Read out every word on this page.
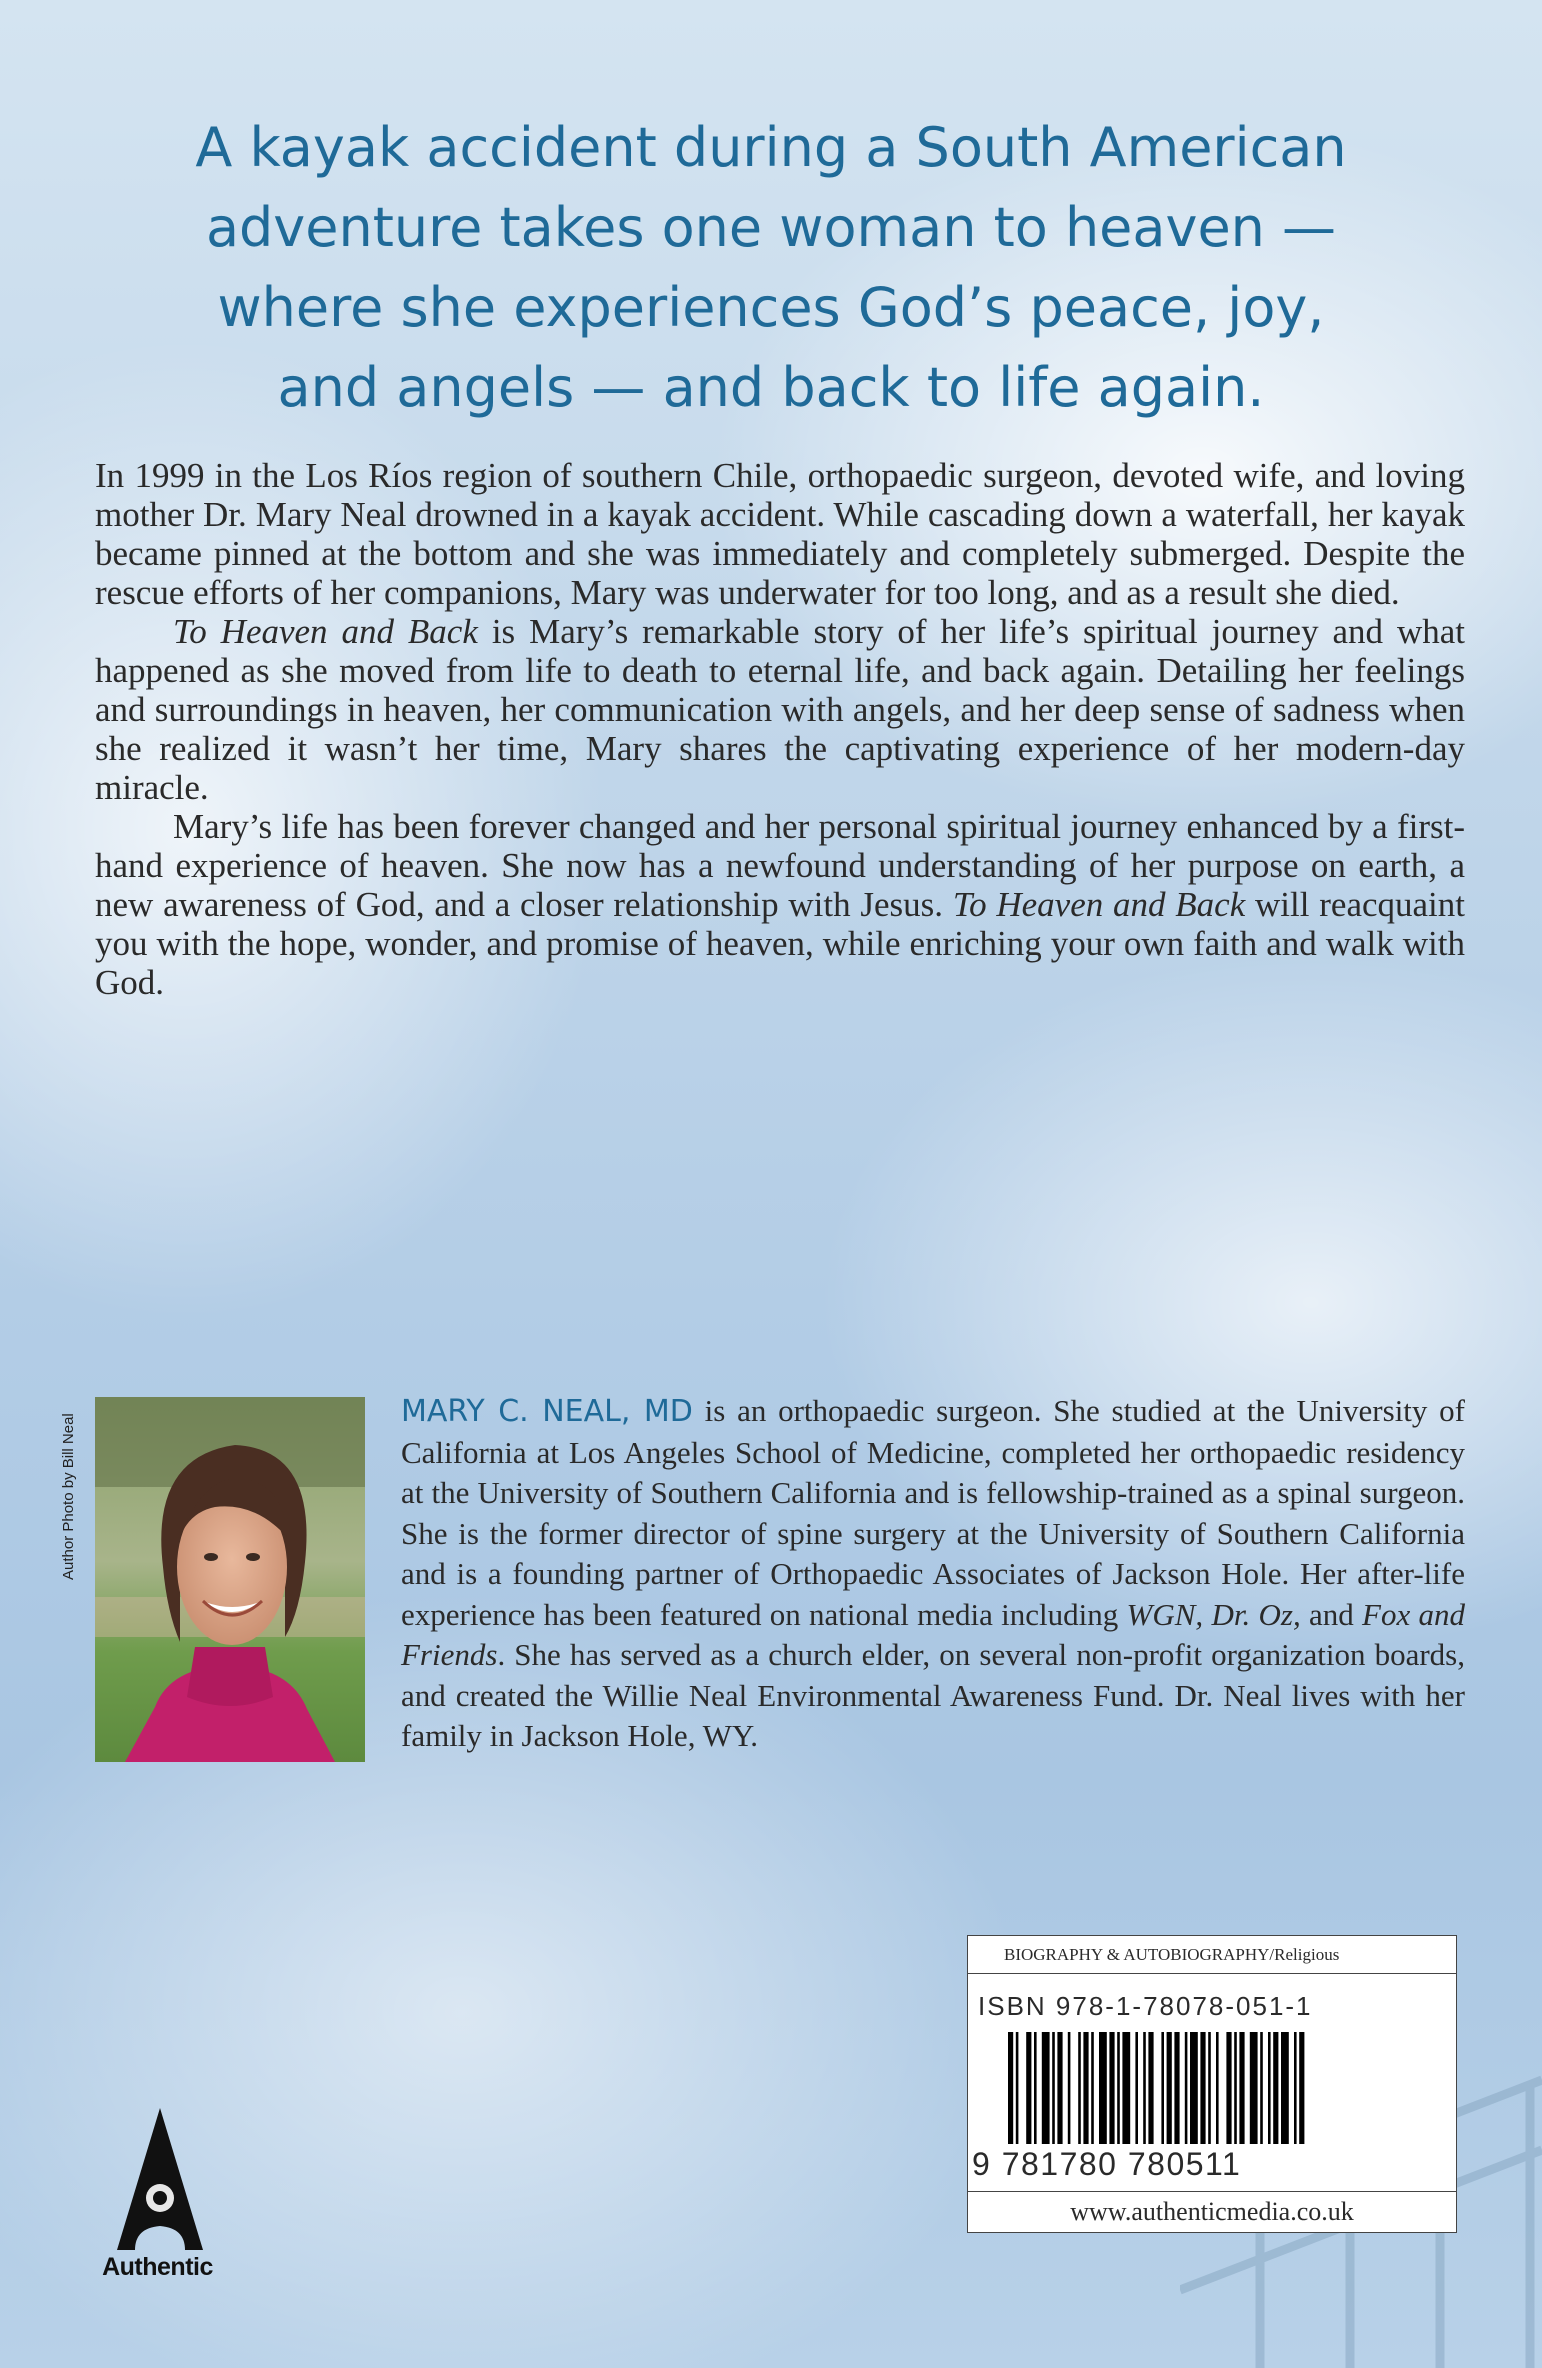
A kayak accident during a South American
adventure takes one woman to heaven —
where she experiences God’s peace, joy,
and angels — and back to life again.

In 1999 in the Los Ríos region of southern Chile, orthopaedic surgeon, devoted wife, and loving mother Dr. Mary Neal drowned in a kayak accident. While cascading down a waterfall, her kayak became pinned at the bottom and she was immediately and completely submerged. Despite the rescue efforts of her companions, Mary was underwater for too long, and as a result she died.

To Heaven and Back is Mary’s remarkable story of her life’s spiritual journey and what happened as she moved from life to death to eternal life, and back again. Detailing her feelings and surroundings in heaven, her communication with angels, and her deep sense of sadness when she realized it wasn’t her time, Mary shares the captivating experience of her modern-day miracle.

Mary’s life has been forever changed and her personal spiritual journey enhanced by a first-hand experience of heaven. She now has a newfound understanding of her purpose on earth, a new awareness of God, and a closer relationship with Jesus. To Heaven and Back will reacquaint you with the hope, wonder, and promise of heaven, while enriching your own faith and walk with God.

MARY C. NEAL, MD is an orthopaedic surgeon. She studied at the University of California at Los Angeles School of Medicine, completed her orthopaedic residency at the University of Southern California and is fellowship-trained as a spinal surgeon. She is the former director of spine surgery at the University of Southern California and is a founding partner of Orthopaedic Associates of Jackson Hole. Her after-life experience has been featured on national media including WGN, Dr. Oz, and Fox and Friends. She has served as a church elder, on several non-profit organization boards, and created the Willie Neal Environmental Awareness Fund. Dr. Neal lives with her family in Jackson Hole, WY.
Author Photo by Bill Neal
Authentic
BIOGRAPHY & AUTOBIOGRAPHY/Religious
ISBN 978-1-78078-051-1
9 781780 780511
www.authenticmedia.co.uk
